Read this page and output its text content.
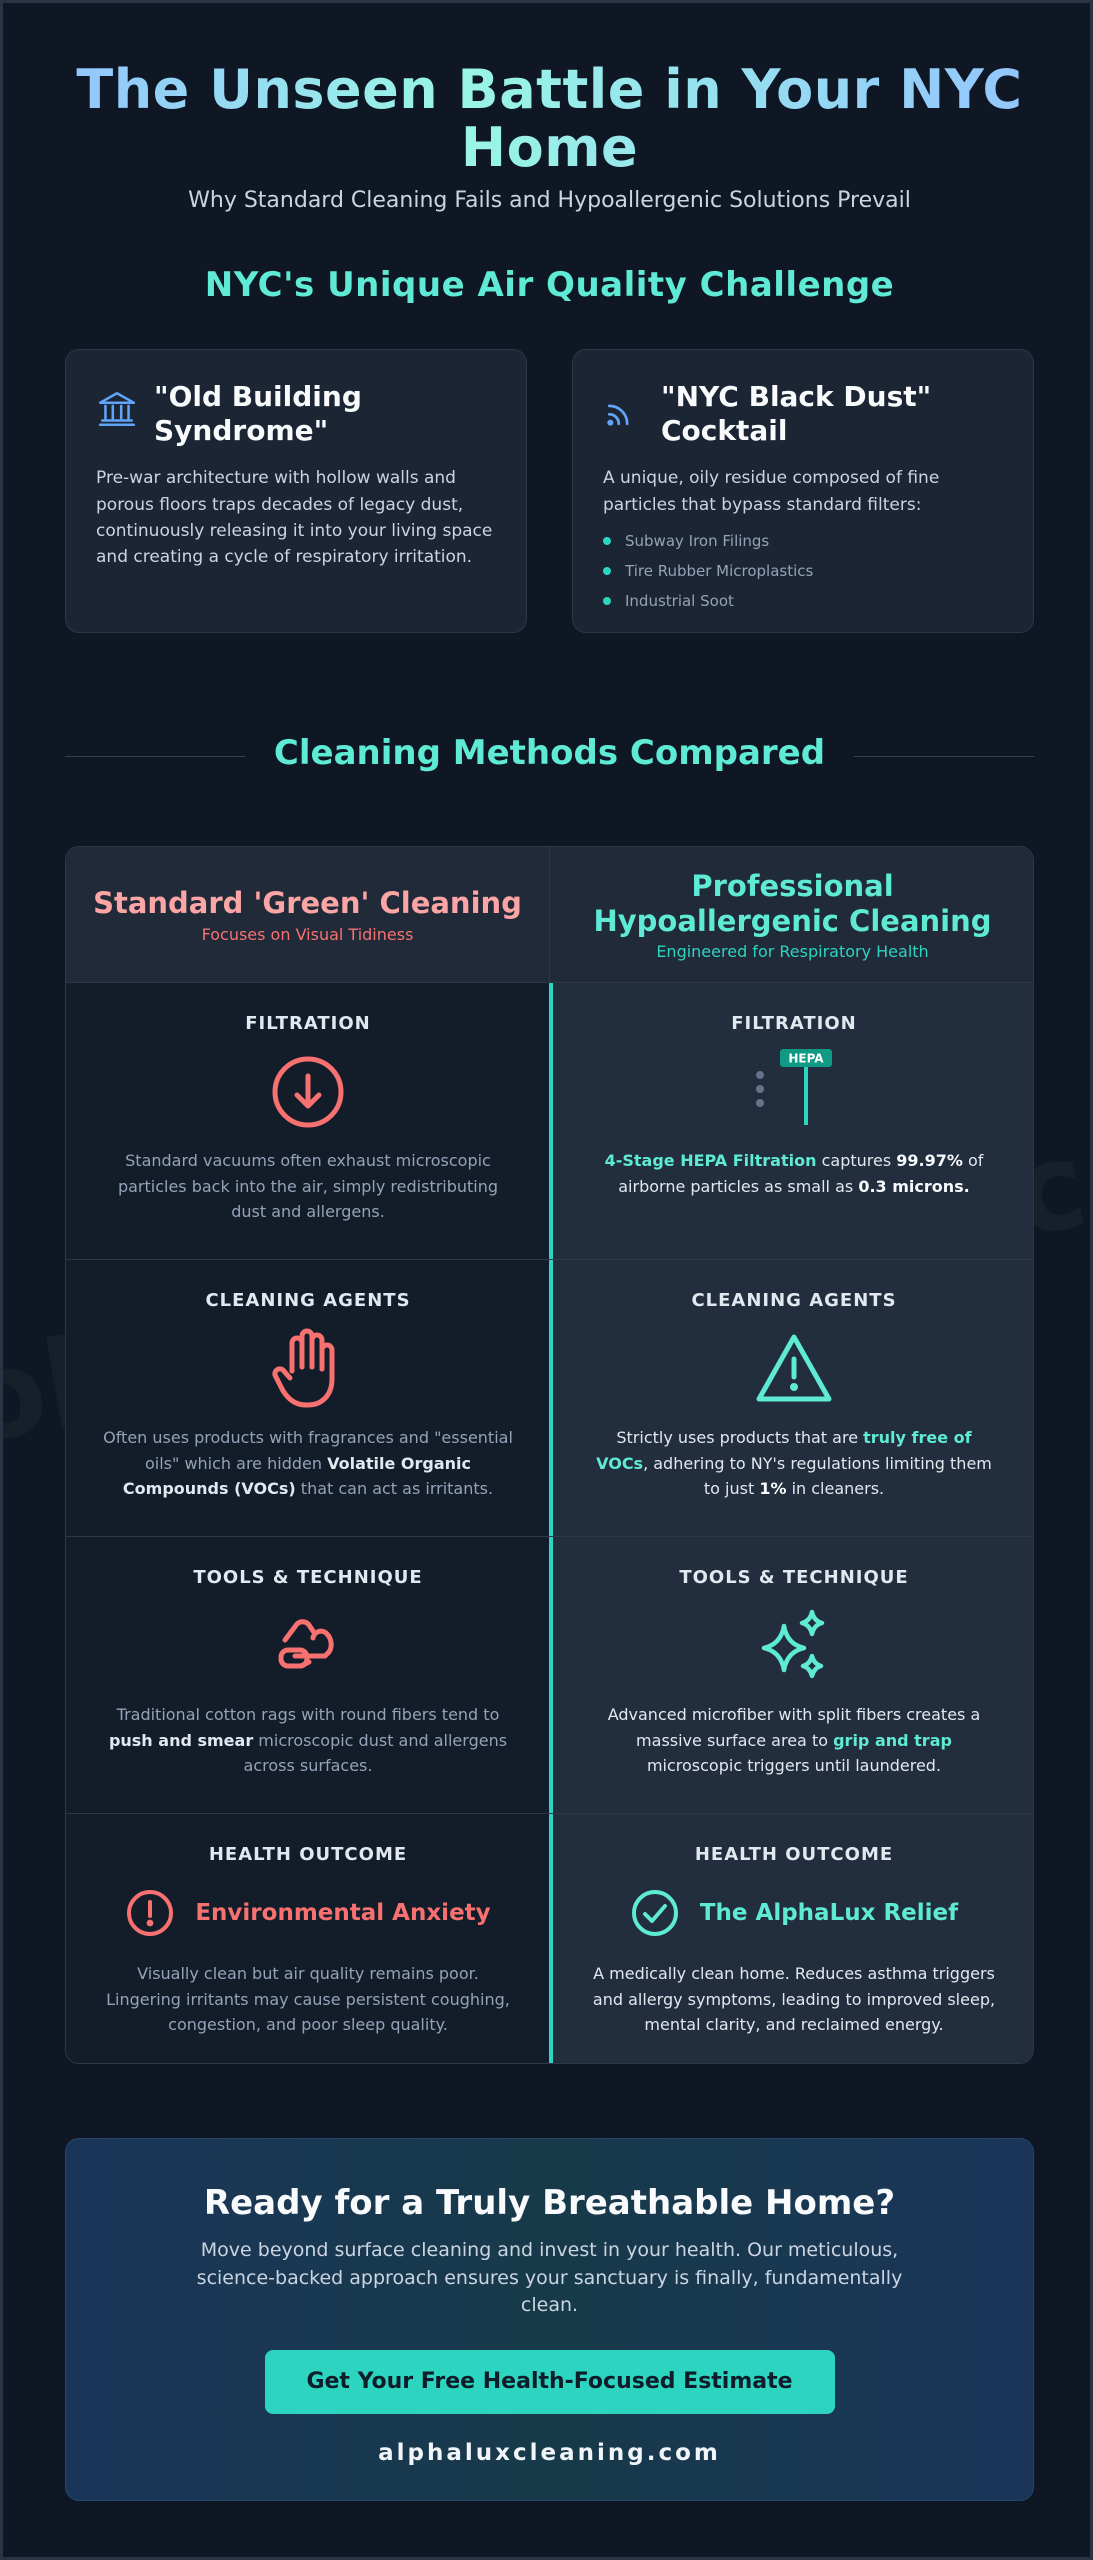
The Unseen Battle in Your NYC Home
Why Standard Cleaning Fails and Hypoallergenic Solutions Prevail
NYC's Unique Air Quality Challenge
"Old Building Syndrome"

Pre-war architecture with hollow walls and porous floors traps decades of legacy dust, continuously releasing it into your living space and creating a cycle of respiratory irritation.

"NYC Black Dust" Cocktail

A unique, oily residue composed of fine particles that bypass standard filters:

Subway Iron Filings
Tire Rubber Microplastics
Industrial Soot
Cleaning Methods Compared
Standard 'Green' Cleaning
Focuses on Visual Tidiness
Professional Hypoallergenic Cleaning
Engineered for Respiratory Health
FILTRATION

Standard vacuums often exhaust microscopic particles back into the air, simply redistributing dust and allergens.

FILTRATION
HEPA

4-Stage HEPA Filtration captures 99.97% of airborne particles as small as 0.3 microns.

CLEANING AGENTS

Often uses products with fragrances and "essential oils" which are hidden Volatile Organic Compounds (VOCs) that can act as irritants.

CLEANING AGENTS

Strictly uses products that are truly free of VOCs, adhering to NY's regulations limiting them to just 1% in cleaners.

TOOLS & TECHNIQUE

Traditional cotton rags with round fibers tend to push and smear microscopic dust and allergens across surfaces.

TOOLS & TECHNIQUE

Advanced microfiber with split fibers creates a massive surface area to grip and trap microscopic triggers until laundered.

HEALTH OUTCOME
Environmental Anxiety

Visually clean but air quality remains poor. Lingering irritants may cause persistent coughing, congestion, and poor sleep quality.

HEALTH OUTCOME
The AlphaLux Relief

A medically clean home. Reduces asthma triggers and allergy symptoms, leading to improved sleep, mental clarity, and reclaimed energy.

Ready for a Truly Breathable Home?

Move beyond surface cleaning and invest in your health. Our meticulous, science-backed approach ensures your sanctuary is finally, fundamentally clean.

Get Your Free Health-Focused Estimate
alphaluxcleaning.com
